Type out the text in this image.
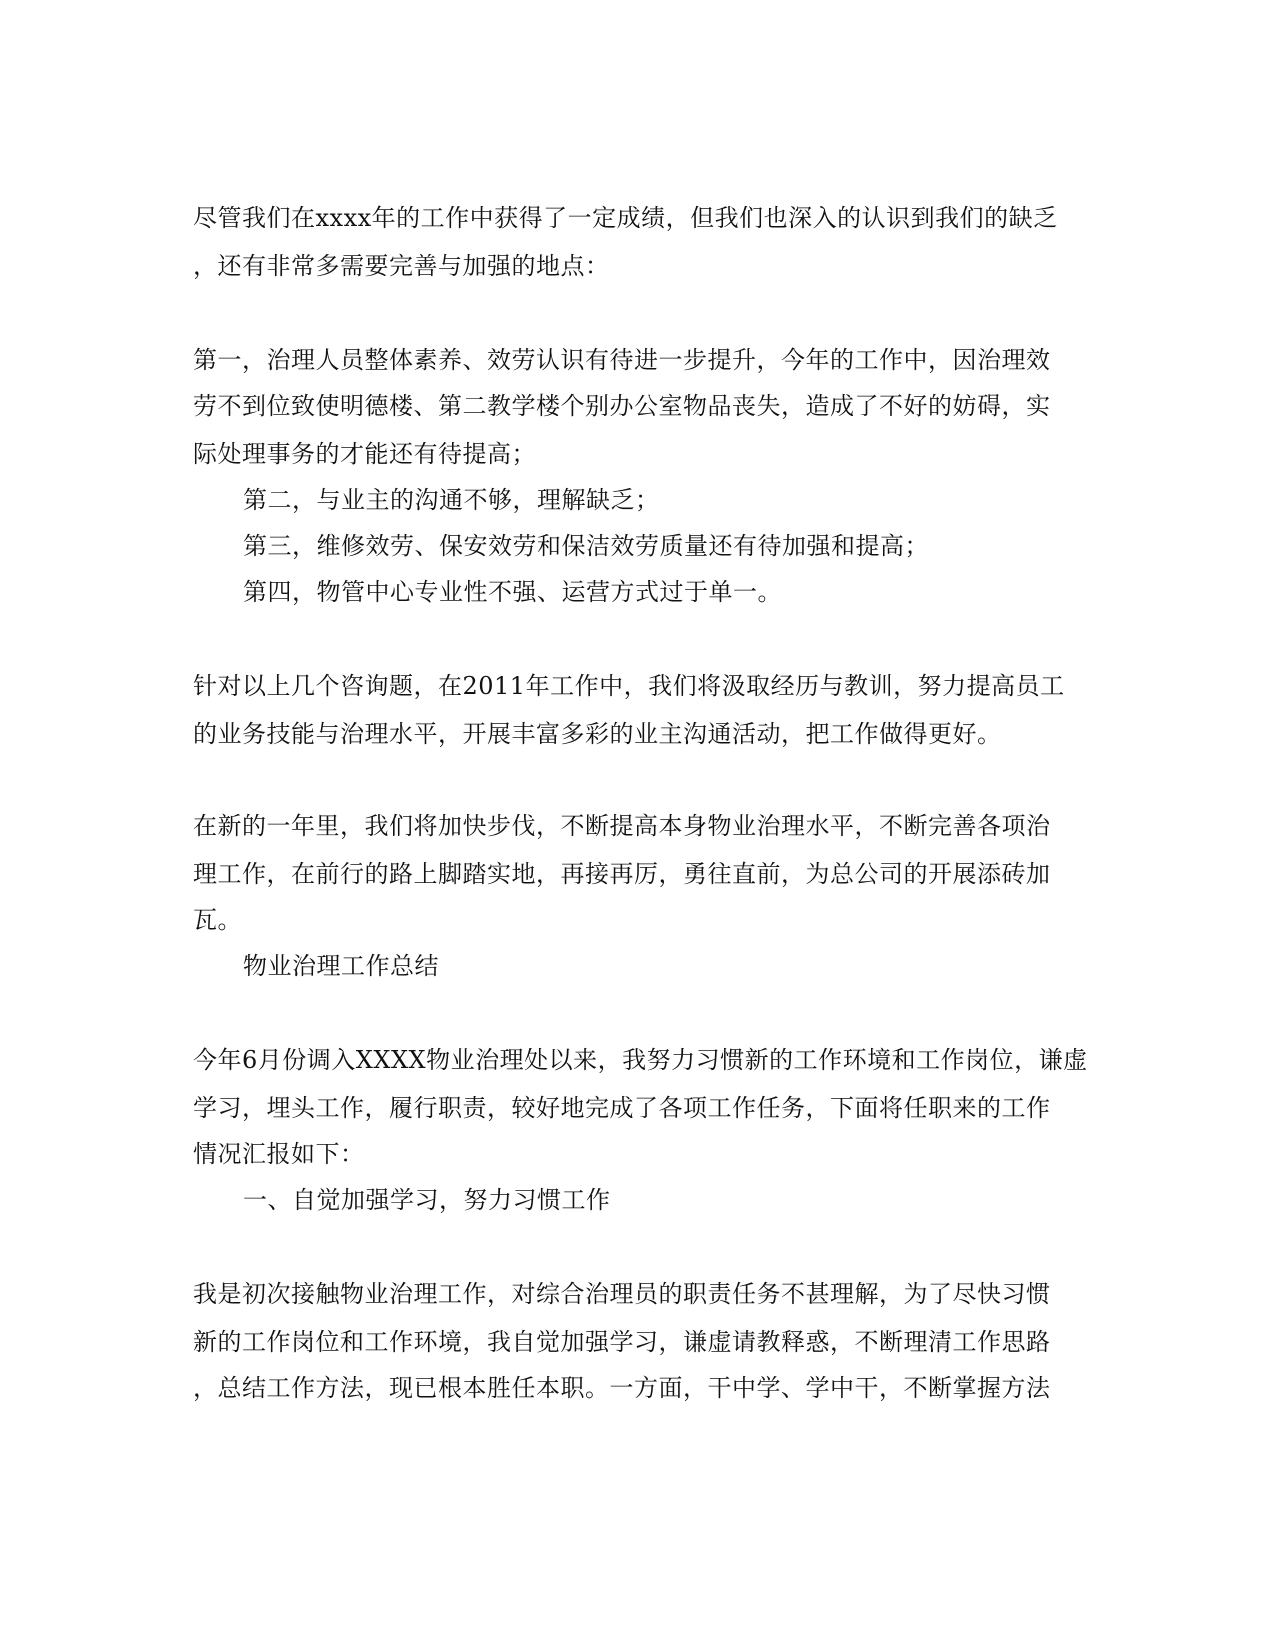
尽管我们在xxxx年的工作中获得了一定成绩，但我们也深入的认识到我们的缺乏
，还有非常多需要完善与加强的地点：
第一，治理人员整体素养、效劳认识有待进一步提升，今年的工作中，因治理效
劳不到位致使明德楼、第二教学楼个别办公室物品丧失，造成了不好的妨碍，实
际处理事务的才能还有待提高；
第二，与业主的沟通不够，理解缺乏；
第三，维修效劳、保安效劳和保洁效劳质量还有待加强和提高；
第四，物管中心专业性不强、运营方式过于单一。
针对以上几个咨询题，在2011年工作中，我们将汲取经历与教训，努力提高员工
的业务技能与治理水平，开展丰富多彩的业主沟通活动，把工作做得更好。
在新的一年里，我们将加快步伐，不断提高本身物业治理水平，不断完善各项治
理工作，在前行的路上脚踏实地，再接再厉，勇往直前，为总公司的开展添砖加
瓦。
物业治理工作总结
今年6月份调入XXXX物业治理处以来，我努力习惯新的工作环境和工作岗位，谦虚
学习，埋头工作，履行职责，较好地完成了各项工作任务，下面将任职来的工作
情况汇报如下：
一、自觉加强学习，努力习惯工作
我是初次接触物业治理工作，对综合治理员的职责任务不甚理解，为了尽快习惯
新的工作岗位和工作环境，我自觉加强学习，谦虚请教释惑，不断理清工作思路
，总结工作方法，现已根本胜任本职。一方面，干中学、学中干，不断掌握方法
